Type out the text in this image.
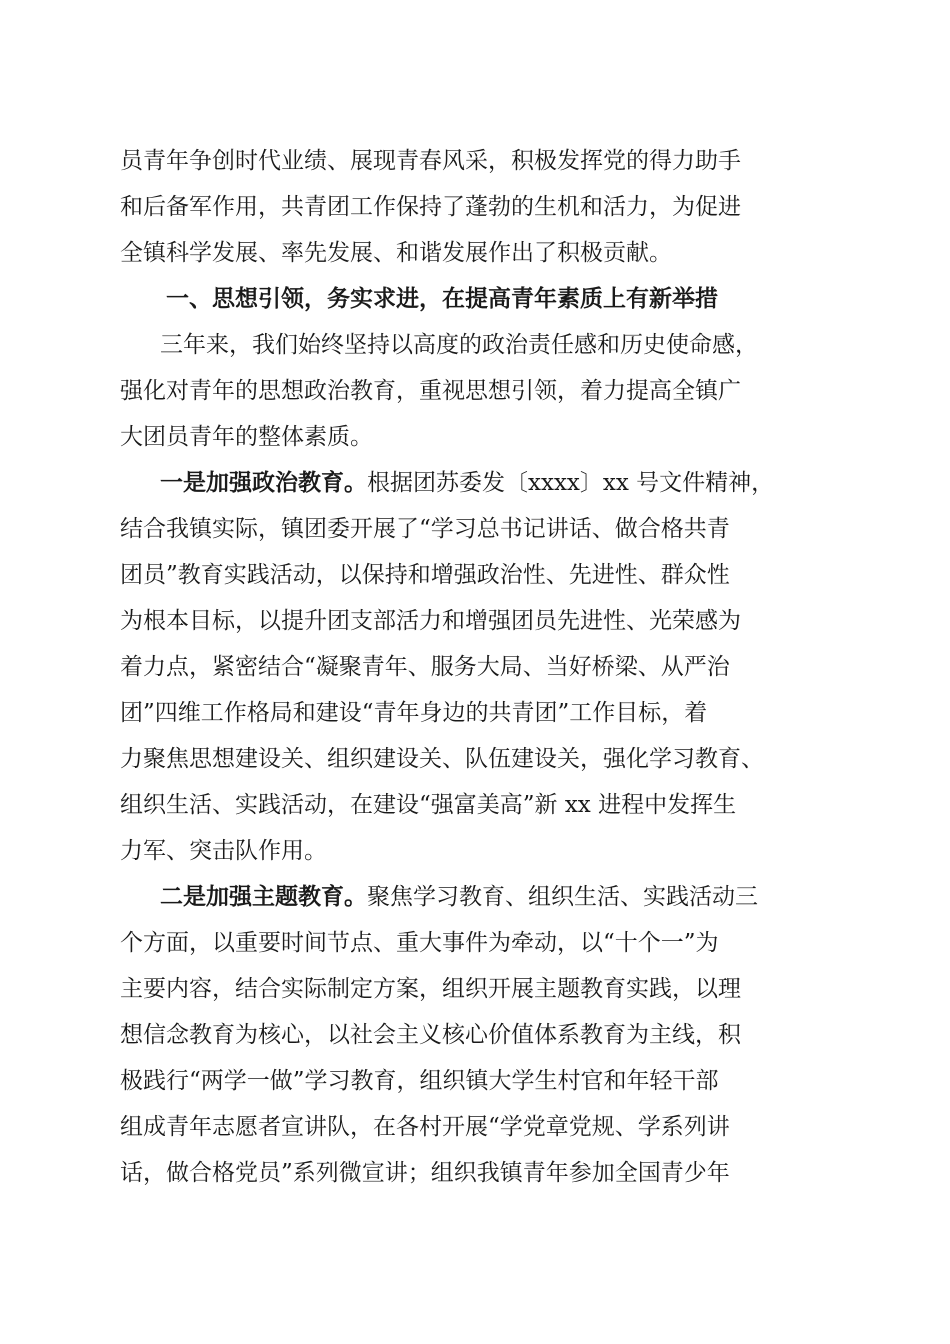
员青年争创时代业绩、展现青春风采，积极发挥党的得力助手
和后备军作用，共青团工作保持了蓬勃的生机和活力，为促进
全镇科学发展、率先发展、和谐发展作出了积极贡献。

一、思想引领，务实求进，在提高青年素质上有新举措

三年来，我们始终坚持以高度的政治责任感和历史使命感，
强化对青年的思想政治教育，重视思想引领，着力提高全镇广
大团员青年的整体素质。

一是加强政治教育。根据团苏委发〔xxxx〕xx 号文件精神，
结合我镇实际，镇团委开展了“学习总书记讲话、做合格共青
团员”教育实践活动，以保持和增强政治性、先进性、群众性
为根本目标，以提升团支部活力和增强团员先进性、光荣感为
着力点，紧密结合“凝聚青年、服务大局、当好桥梁、从严治
团”四维工作格局和建设“青年身边的共青团”工作目标，着
力聚焦思想建设关、组织建设关、队伍建设关，强化学习教育、
组织生活、实践活动，在建设“强富美高”新 xx 进程中发挥生
力军、突击队作用。

二是加强主题教育。聚焦学习教育、组织生活、实践活动三
个方面，以重要时间节点、重大事件为牵动，以“十个一”为
主要内容，结合实际制定方案，组织开展主题教育实践，以理
想信念教育为核心，以社会主义核心价值体系教育为主线，积
极践行“两学一做”学习教育，组织镇大学生村官和年轻干部
组成青年志愿者宣讲队，在各村开展“学党章党规、学系列讲
话，做合格党员”系列微宣讲；组织我镇青年参加全国青少年
